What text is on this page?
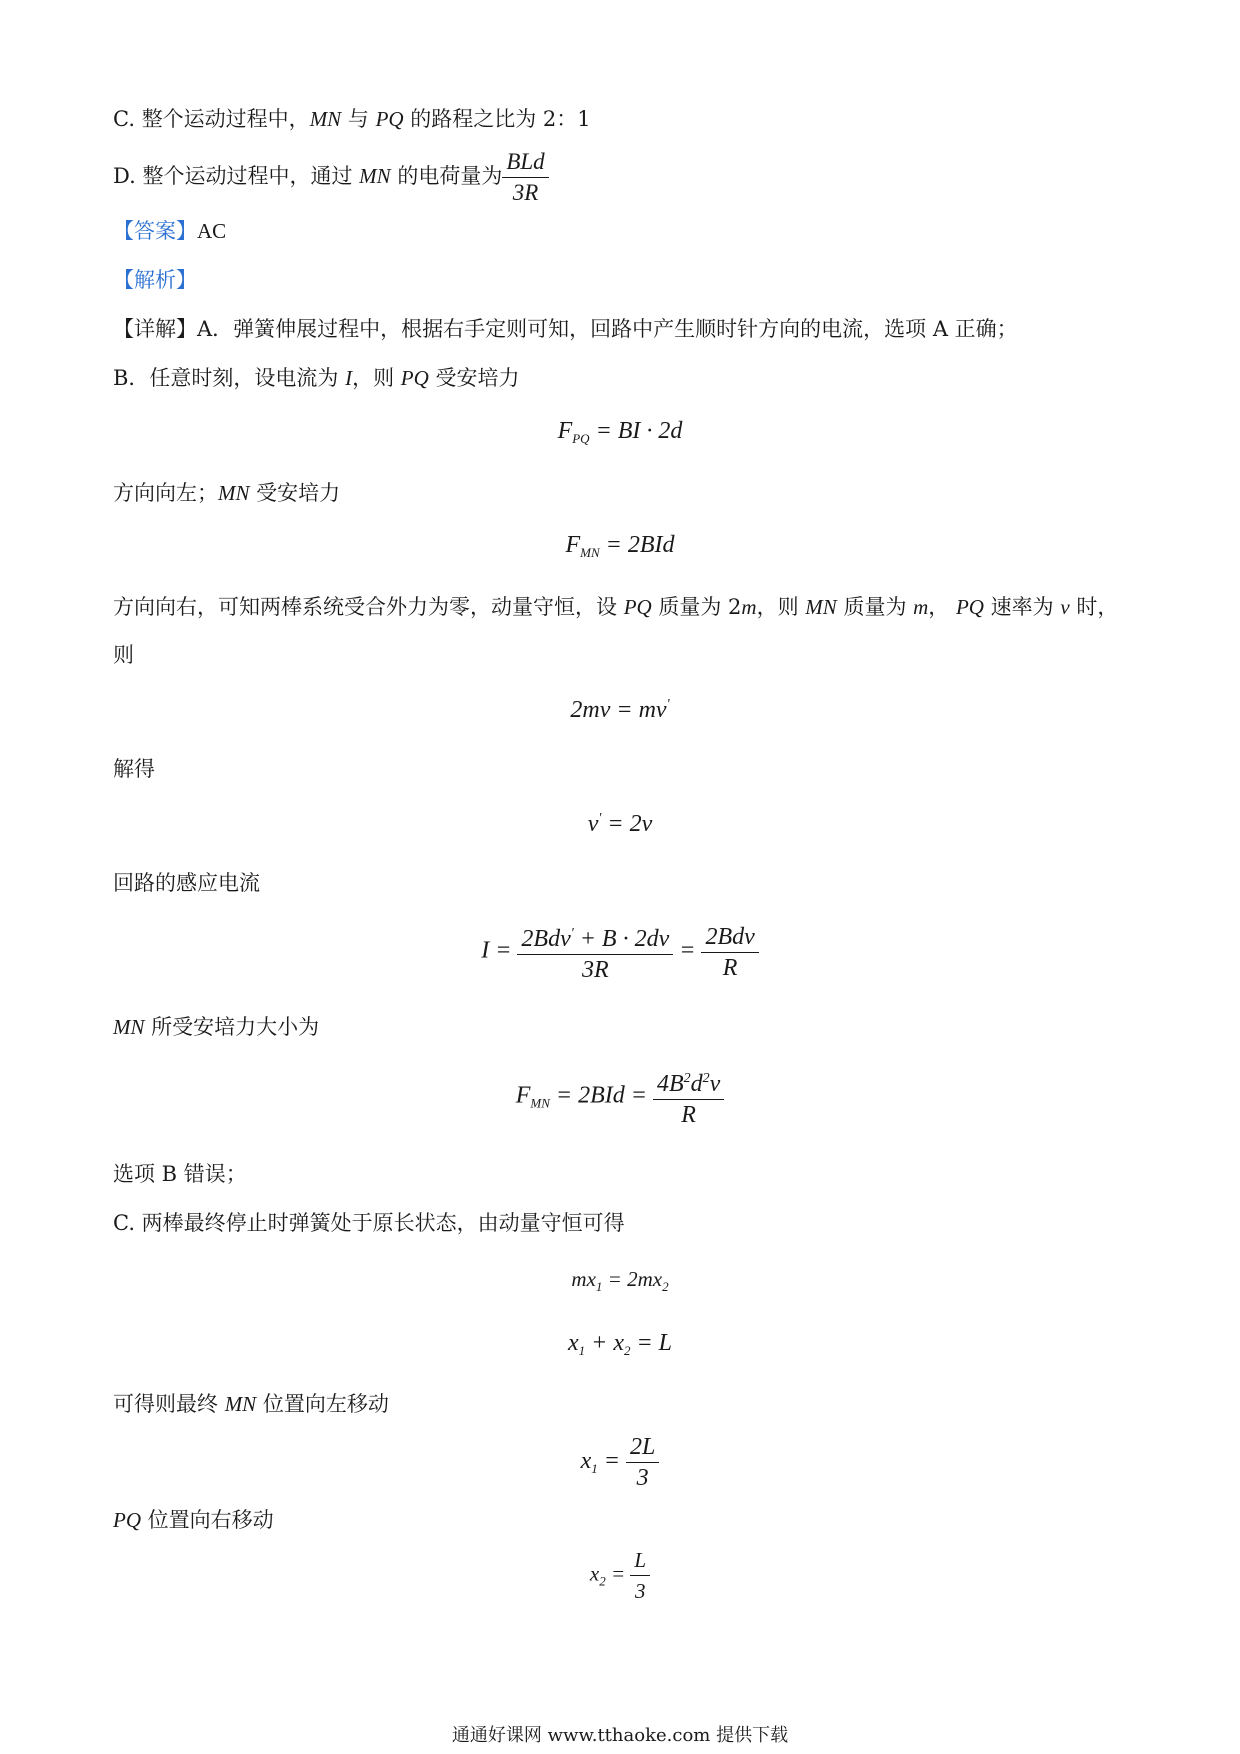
C. 整个运动过程中，MN 与 PQ 的路程之比为 2：1
D. 整个运动过程中，通过 MN 的电荷量为 $\frac{\text{BLd}}{3R}$
【答案】AC
【解析】
【详解】A．弹簧伸展过程中，根据右手定则可知，回路中产生顺时针方向的电流，选项 A 正确；
B．任意时刻，设电流为 I，则 PQ 受安培力
$F_{PQ}$ = BI · 2d
方向向左；MN 受安培力
$F_{MN} = 2BId$
方向向右，可知两棒系统受合外力为零，动量守恒，设 PQ 质量为 2m，则 MN 质量为 m， PQ 速率为 v 时，
则
2mv = mv'
解得
v' = 2v
回路的感应电流
$I = \frac{2Bdv' + B \cdot 2dv}{3R} = \frac{\text{2Bdv}}{R}$
MN 所受安培力大小为
$F_{MN} = 2BId = \frac{4B^2d^2v}{R}$
选项 B 错误；
C. 两棒最终停止时弹簧处于原长状态，由动量守恒可得
$mx_1 = 2mx_2$
$x_1 + x_2 = L$
可得则最终 MN 位置向左移动
$x_1 = \frac{2L}{3}$
PQ 位置向右移动
$x_2 = \frac{L}{3}$
通通好课网 www.tthaoke.com 提供下载
